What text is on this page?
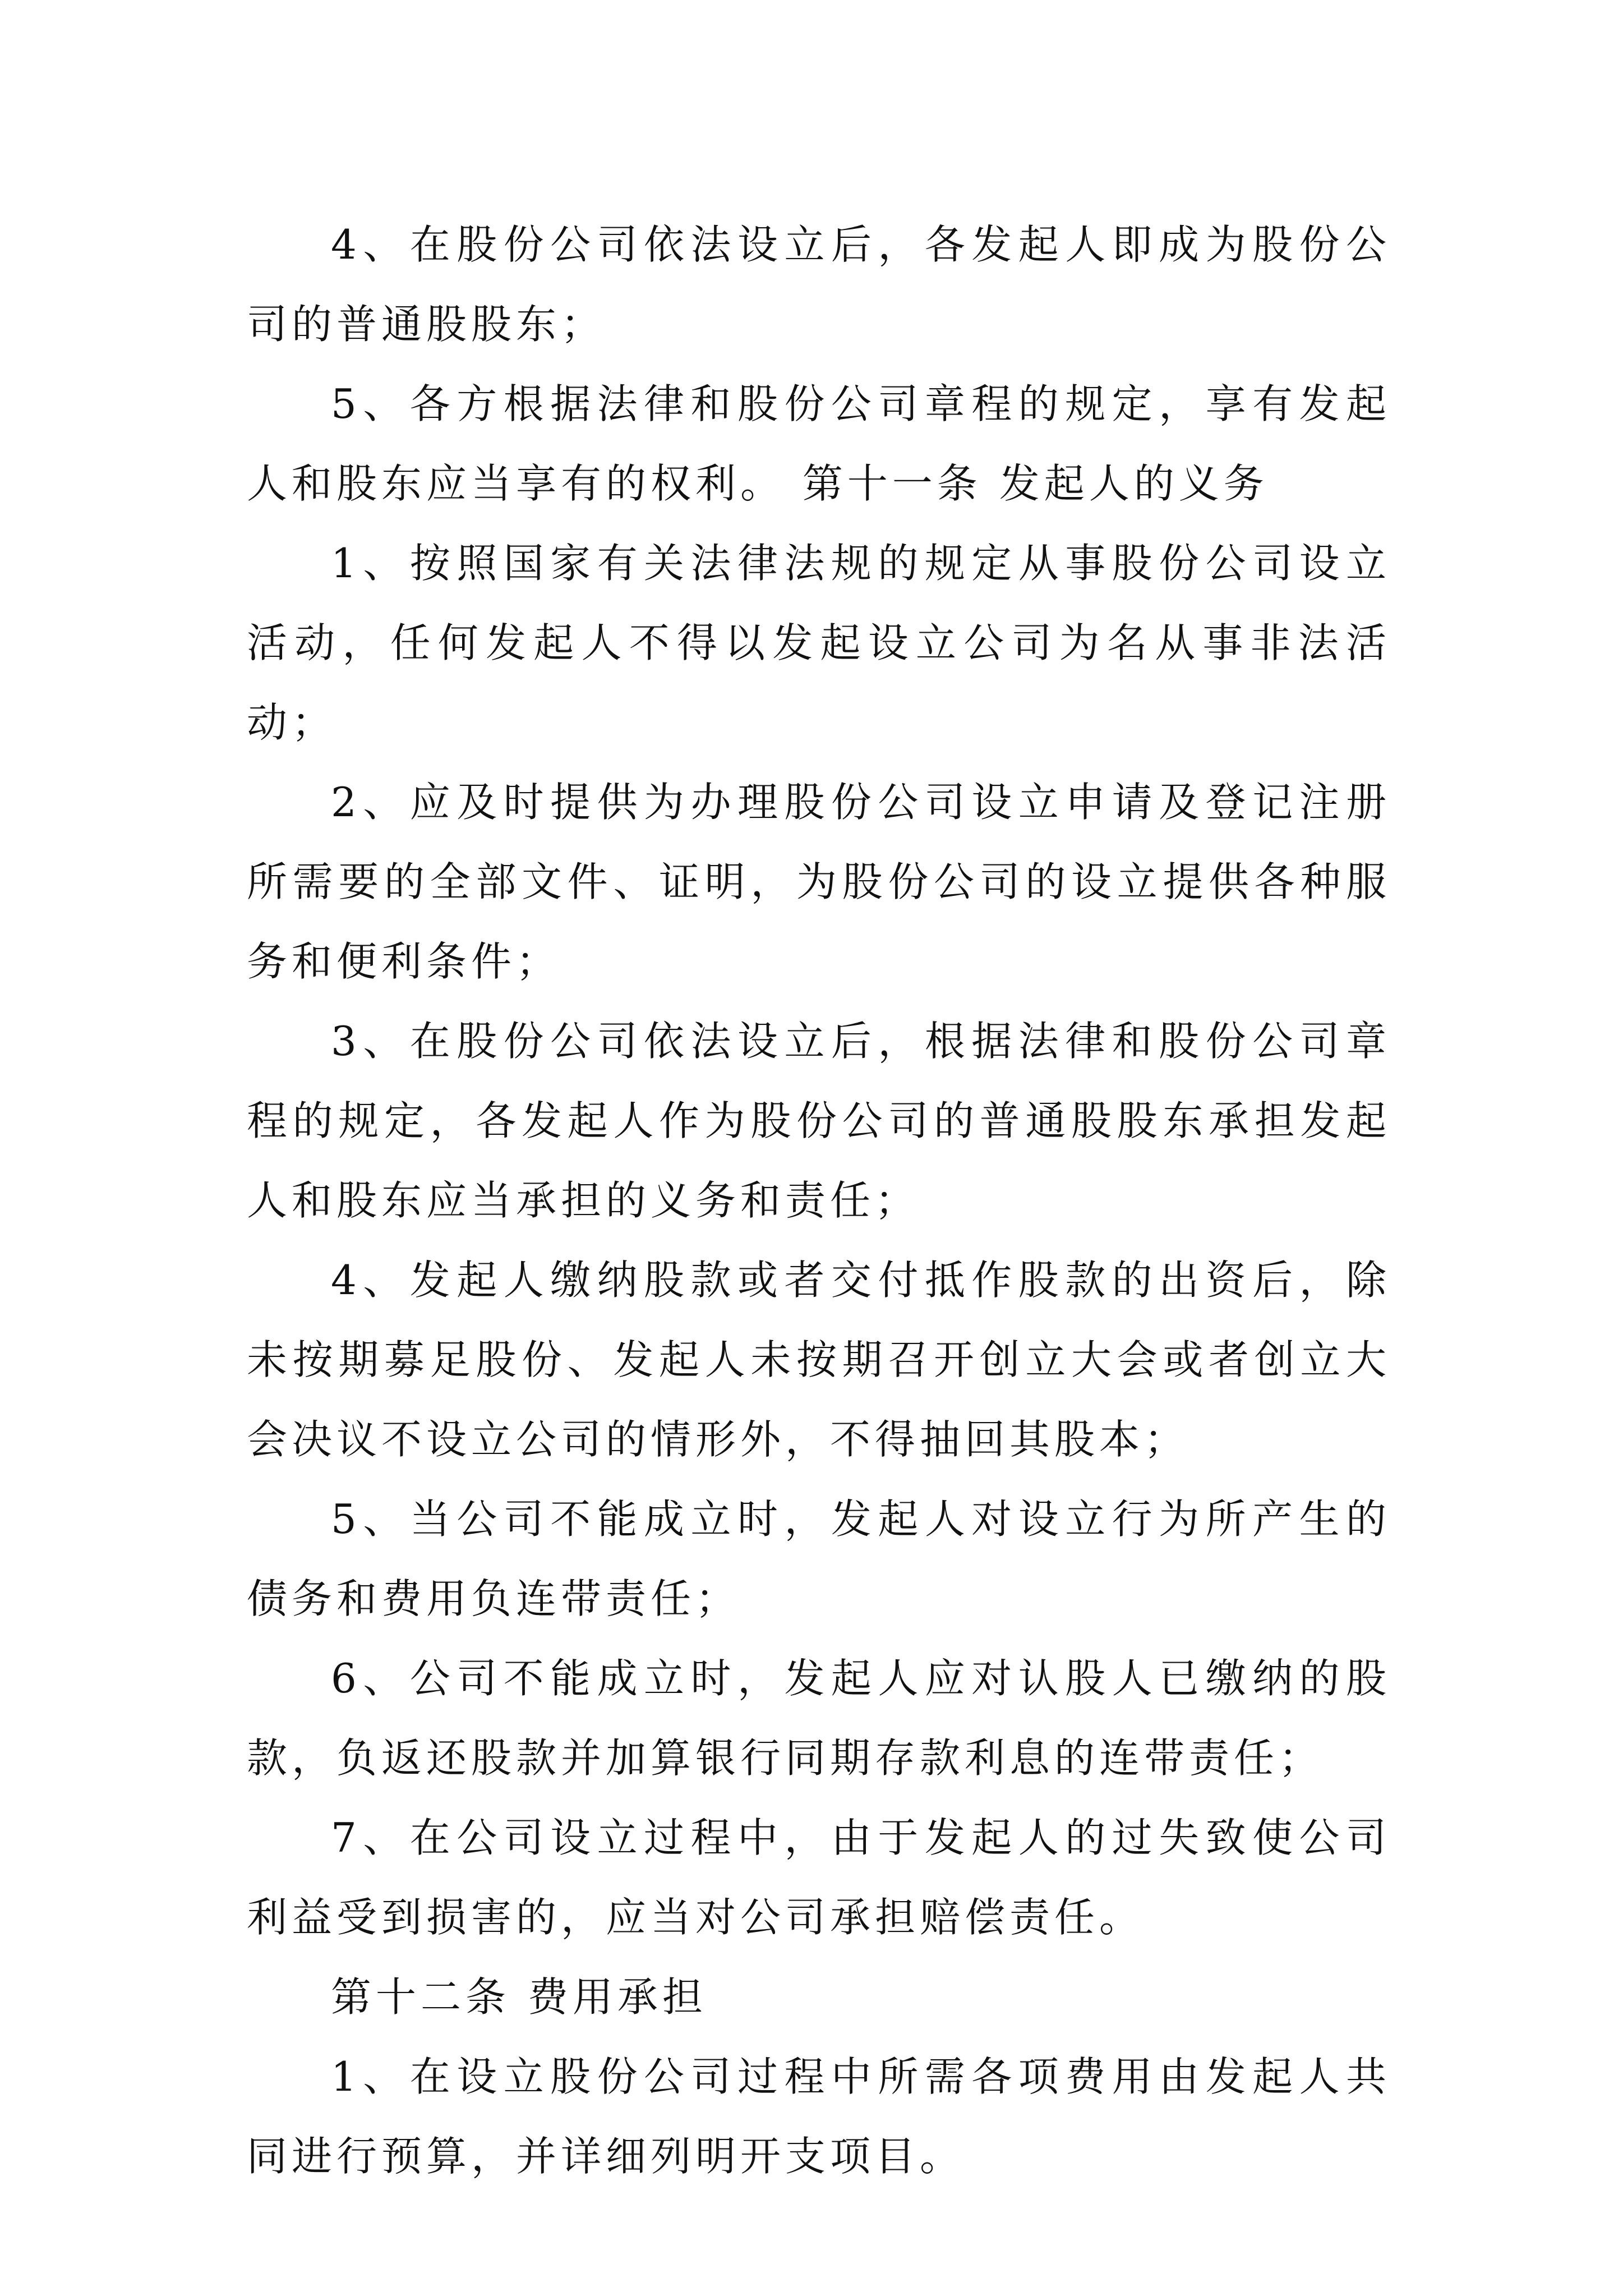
4、在股份公司依法设立后，各发起人即成为股份公司的普通股股东；

5、各方根据法律和股份公司章程的规定，享有发起人和股东应当享有的权利。 第十一条 发起人的义务

1、按照国家有关法律法规的规定从事股份公司设立活动，任何发起人不得以发起设立公司为名从事非法活动；

2、应及时提供为办理股份公司设立申请及登记注册所需要的全部文件、证明，为股份公司的设立提供各种服务和便利条件；

3、在股份公司依法设立后，根据法律和股份公司章程的规定，各发起人作为股份公司的普通股股东承担发起人和股东应当承担的义务和责任；

4、发起人缴纳股款或者交付抵作股款的出资后，除未按期募足股份、发起人未按期召开创立大会或者创立大会决议不设立公司的情形外，不得抽回其股本；

5、当公司不能成立时，发起人对设立行为所产生的债务和费用负连带责任；

6、公司不能成立时，发起人应对认股人已缴纳的股款，负返还股款并加算银行同期存款利息的连带责任；

7、在公司设立过程中，由于发起人的过失致使公司利益受到损害的，应当对公司承担赔偿责任。

第十二条 费用承担

1、在设立股份公司过程中所需各项费用由发起人共同进行预算，并详细列明开支项目。
